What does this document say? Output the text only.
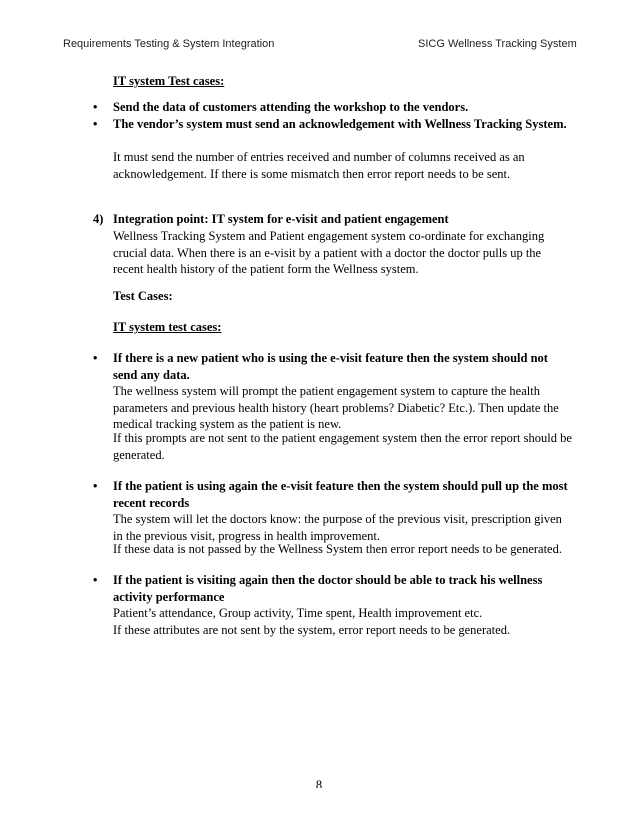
Requirements Testing & System Integration	SICG Wellness Tracking System
IT system Test cases:
• Send the data of customers attending the workshop to the vendors.
• The vendor’s system must send an acknowledgement with Wellness Tracking System.
It must send the number of entries received and number of columns received as an acknowledgement. If there is some mismatch then error report needs to be sent.
4) Integration point: IT system for e-visit and patient engagement
Wellness Tracking System and Patient engagement system co-ordinate for exchanging crucial data. When there is an e-visit by a patient with a doctor the doctor pulls up the recent health history of the patient form the Wellness system.
Test Cases:
IT system test cases:
• If there is a new patient who is using the e-visit feature then the system should not send any data.
The wellness system will prompt the patient engagement system to capture the health parameters and previous health history (heart problems? Diabetic? Etc.). Then update the medical tracking system as the patient is new.
If this prompts are not sent to the patient engagement system then the error report should be generated.
• If the patient is using again the e-visit feature then the system should pull up the most recent records
The system will let the doctors know: the purpose of the previous visit, prescription given in the previous visit, progress in health improvement.
If these data is not passed by the Wellness System then error report needs to be generated.
• If the patient is visiting again then the doctor should be able to track his wellness activity performance
Patient’s attendance, Group activity, Time spent, Health improvement etc.
If these attributes are not sent by the system, error report needs to be generated.
8
